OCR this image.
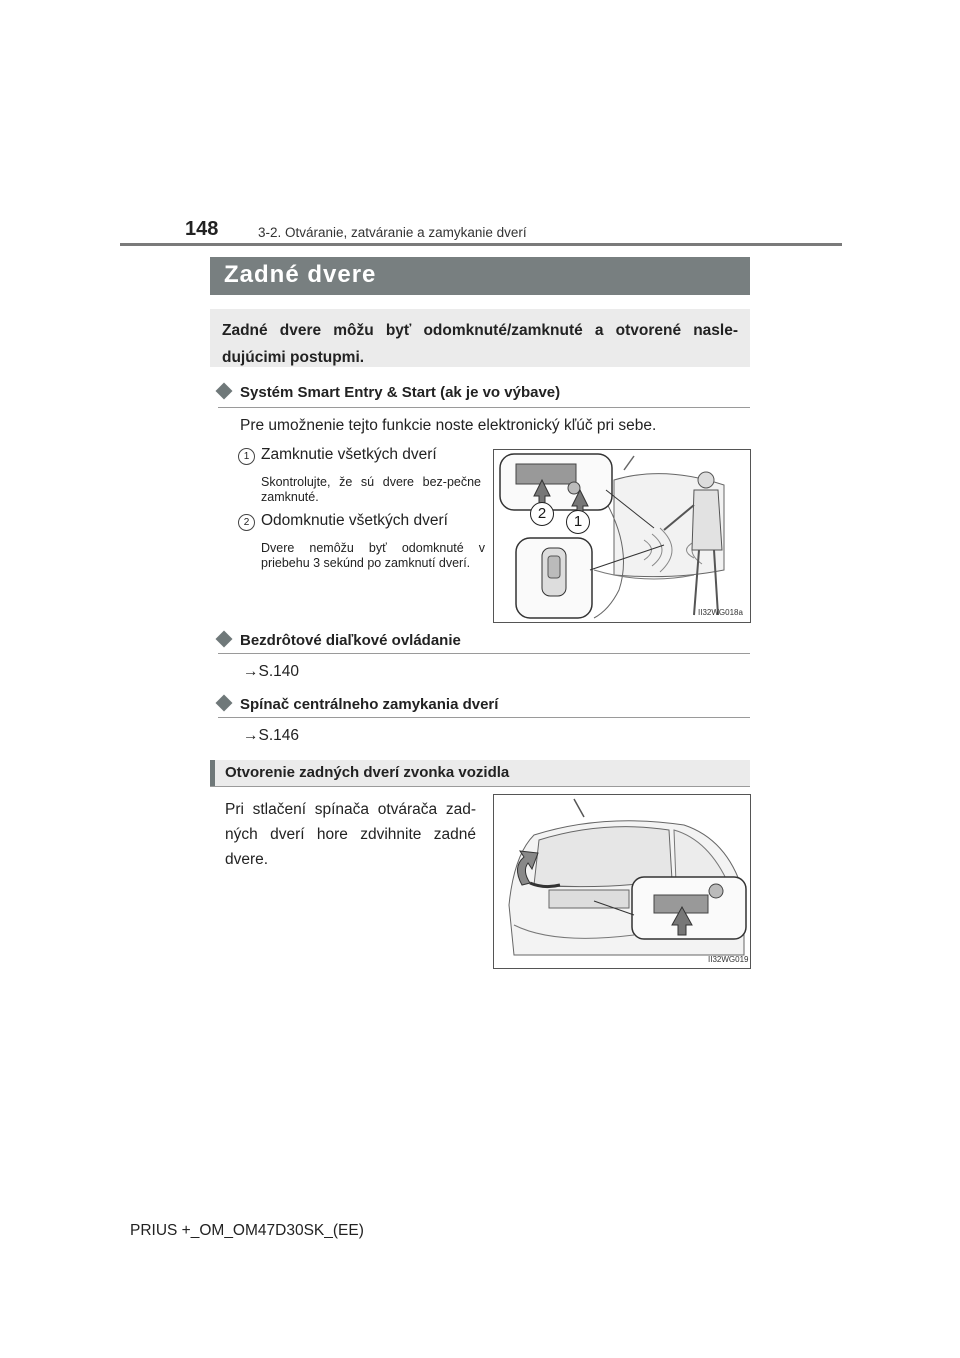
148	3-2. Otváranie, zatváranie a zamykanie dverí
Zadné dvere

Zadné dvere môžu byť odomknuté/zamknuté a otvorené nasle-dujúcimi postupmi.

Systém Smart Entry & Start (ak je vo výbave)
Pre umožnenie tejto funkcie noste elektronický kľúč pri sebe.
1 Zamknutie všetkých dverí
Skontrolujte, že sú dvere bez-pečne zamknuté.
2 Odomknutie všetkých dverí
Dvere nemôžu byť odomknuté v priebehu 3 sekúnd po zamknutí dverí.
2	1
II32WG018a
Bezdrôtové diaľkové ovládanie
→S.140
Spínač centrálneho zamykania dverí
→S.146
Otvorenie zadných dverí zvonka vozidla
Pri stlačení spínača otvárača zad-ných dverí hore zdvihnite zadné dvere.
II32WG019
PRIUS +_OM_OM47D30SK_(EE)
